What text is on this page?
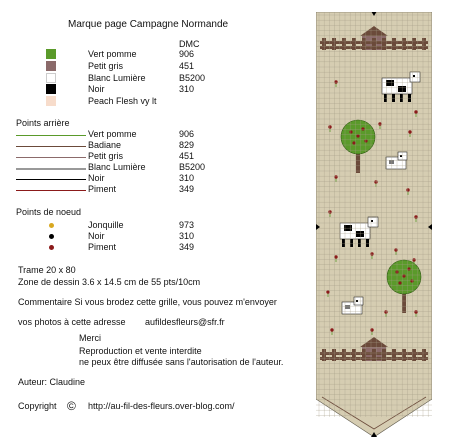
Marque page Campagne Normande
DMC
Vert pomme	906
Petit gris	451
Blanc Lumière	B5200
Noir	310
Peach Flesh vy lt
Points arrière
Vert pomme	906
Badiane	829
Petit gris	451
Blanc Lumière	B5200
Noir	310
Piment	349
Points de noeud
Jonquille	973
Noir	310
Piment	349
Trame 20 x 80
Zone de dessin 3.6 x 14.5 cm de 55 pts/10cm
Commentaire Si vous brodez cette grille, vous pouvez m'envoyer
vos photos à cette adresse aufildesfleurs@sfr.fr
Merci
Reproduction et vente interdite
ne peux être diffusée sans l'autorisation de l'auteur.
Auteur: Claudine
Copyright © http://au-fil-des-fleurs.over-blog.com/
